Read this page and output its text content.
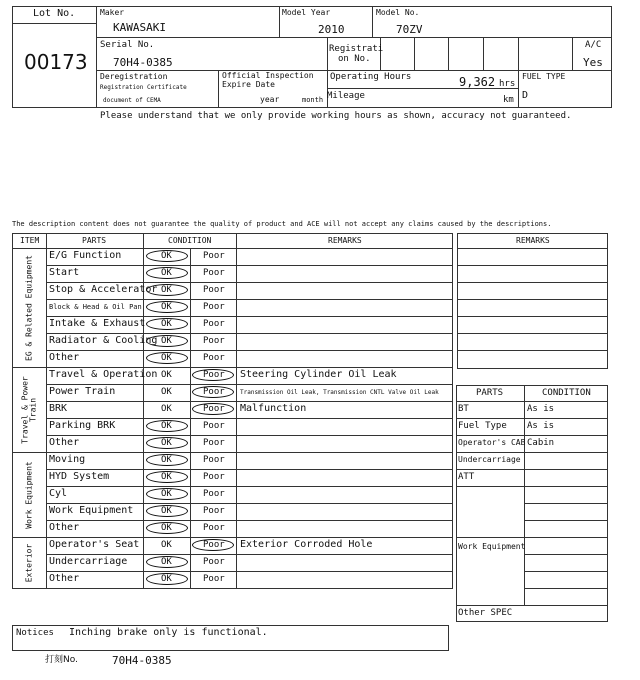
Lot No.
00173
Maker
KAWASAKI
Model Year
2010
Model No.
70ZV
Serial No.
70H4-0385
Registrati
on No.
A/C
Yes
Deregistration
Registration Certificate
document of CEMA
Official Inspection
Expire Date
year	month
Operating Hours	9,362 hrs
Mileage	km
FUEL TYPE
D
Please understand that we only provide working hours as shown, accuracy not guaranteed.
The description content does not guarantee the quality of product and ACE will not accept any claims caused by the descriptions.
ITEM	PARTS	CONDITION	REMARKS
E/G Function	OK	Poor
Start	OK	Poor
Stop & Accelerator OK	Poor
Block & Head & Oil Pan OK	Poor
Intake & Exhaust OK	Poor
Radiator & Cooling OK	Poor
Other	OK	Poor
EG & Related Equipment
Travel & Operation OK	Poor Steering Cylinder Oil Leak
Power Train	OK	Poor	Transmission Oil Leak, Transmission CNTL Valve Oil Leak
BRK	OK	Poor Malfunction
Parking BRK	OK	Poor
Other	OK	Poor
Travel & Power Train
Moving	OK	Poor
HYD System	OK	Poor
Cyl	OK	Poor
Work Equipment	OK	Poor
Other	OK	Poor
Work Equipment
Operator's Seat OK	Poor Exterior Corroded Hole
Undercarriage	OK	Poor
Other	OK	Poor
Exterior
REMARKS
PARTS	CONDITION
BT	As is
Fuel Type As is
Operator's CAB Cabin
Undercarriage
ATT
Work Equipment
Other SPEC
Notices Inching brake only is functional.
打刻No.	70H4-0385
